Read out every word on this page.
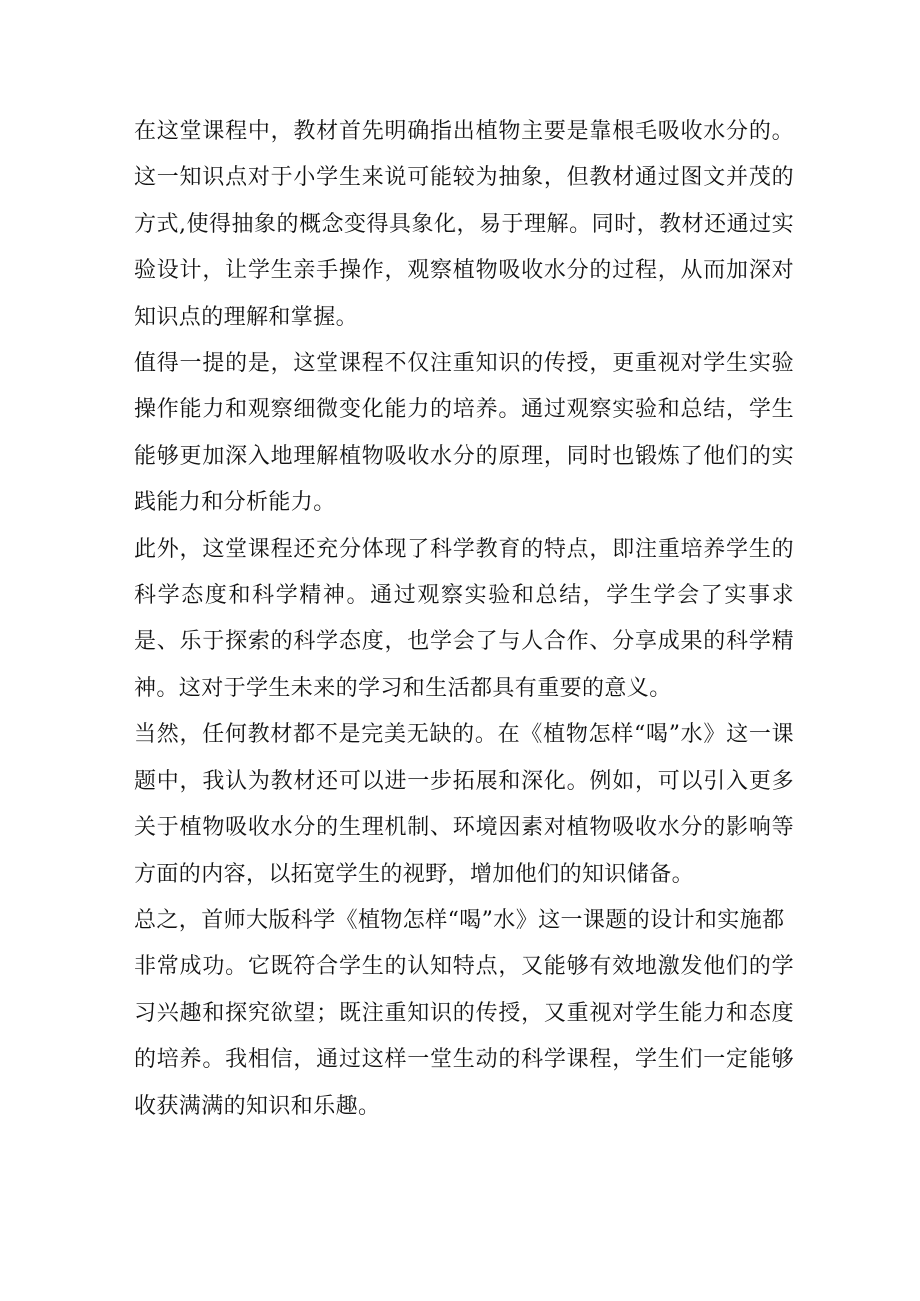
在这堂课程中，教材首先明确指出植物主要是靠根毛吸收水分的。这一知识点对于小学生来说可能较为抽象，但教材通过图文并茂的方式,使得抽象的概念变得具象化，易于理解。同时，教材还通过实验设计，让学生亲手操作，观察植物吸收水分的过程，从而加深对知识点的理解和掌握。

值得一提的是，这堂课程不仅注重知识的传授，更重视对学生实验操作能力和观察细微变化能力的培养。通过观察实验和总结，学生能够更加深入地理解植物吸收水分的原理，同时也锻炼了他们的实践能力和分析能力。

此外，这堂课程还充分体现了科学教育的特点，即注重培养学生的科学态度和科学精神。通过观察实验和总结，学生学会了实事求是、乐于探索的科学态度，也学会了与人合作、分享成果的科学精神。这对于学生未来的学习和生活都具有重要的意义。

当然，任何教材都不是完美无缺的。在《植物怎样“喝”水》这一课题中，我认为教材还可以进一步拓展和深化。例如，可以引入更多关于植物吸收水分的生理机制、环境因素对植物吸收水分的影响等方面的内容，以拓宽学生的视野，增加他们的知识储备。

总之，首师大版科学《植物怎样“喝”水》这一课题的设计和实施都

非常成功。它既符合学生的认知特点，又能够有效地激发他们的学习兴趣和探究欲望；既注重知识的传授，又重视对学生能力和态度的培养。我相信，通过这样一堂生动的科学课程，学生们一定能够收获满满的知识和乐趣。
